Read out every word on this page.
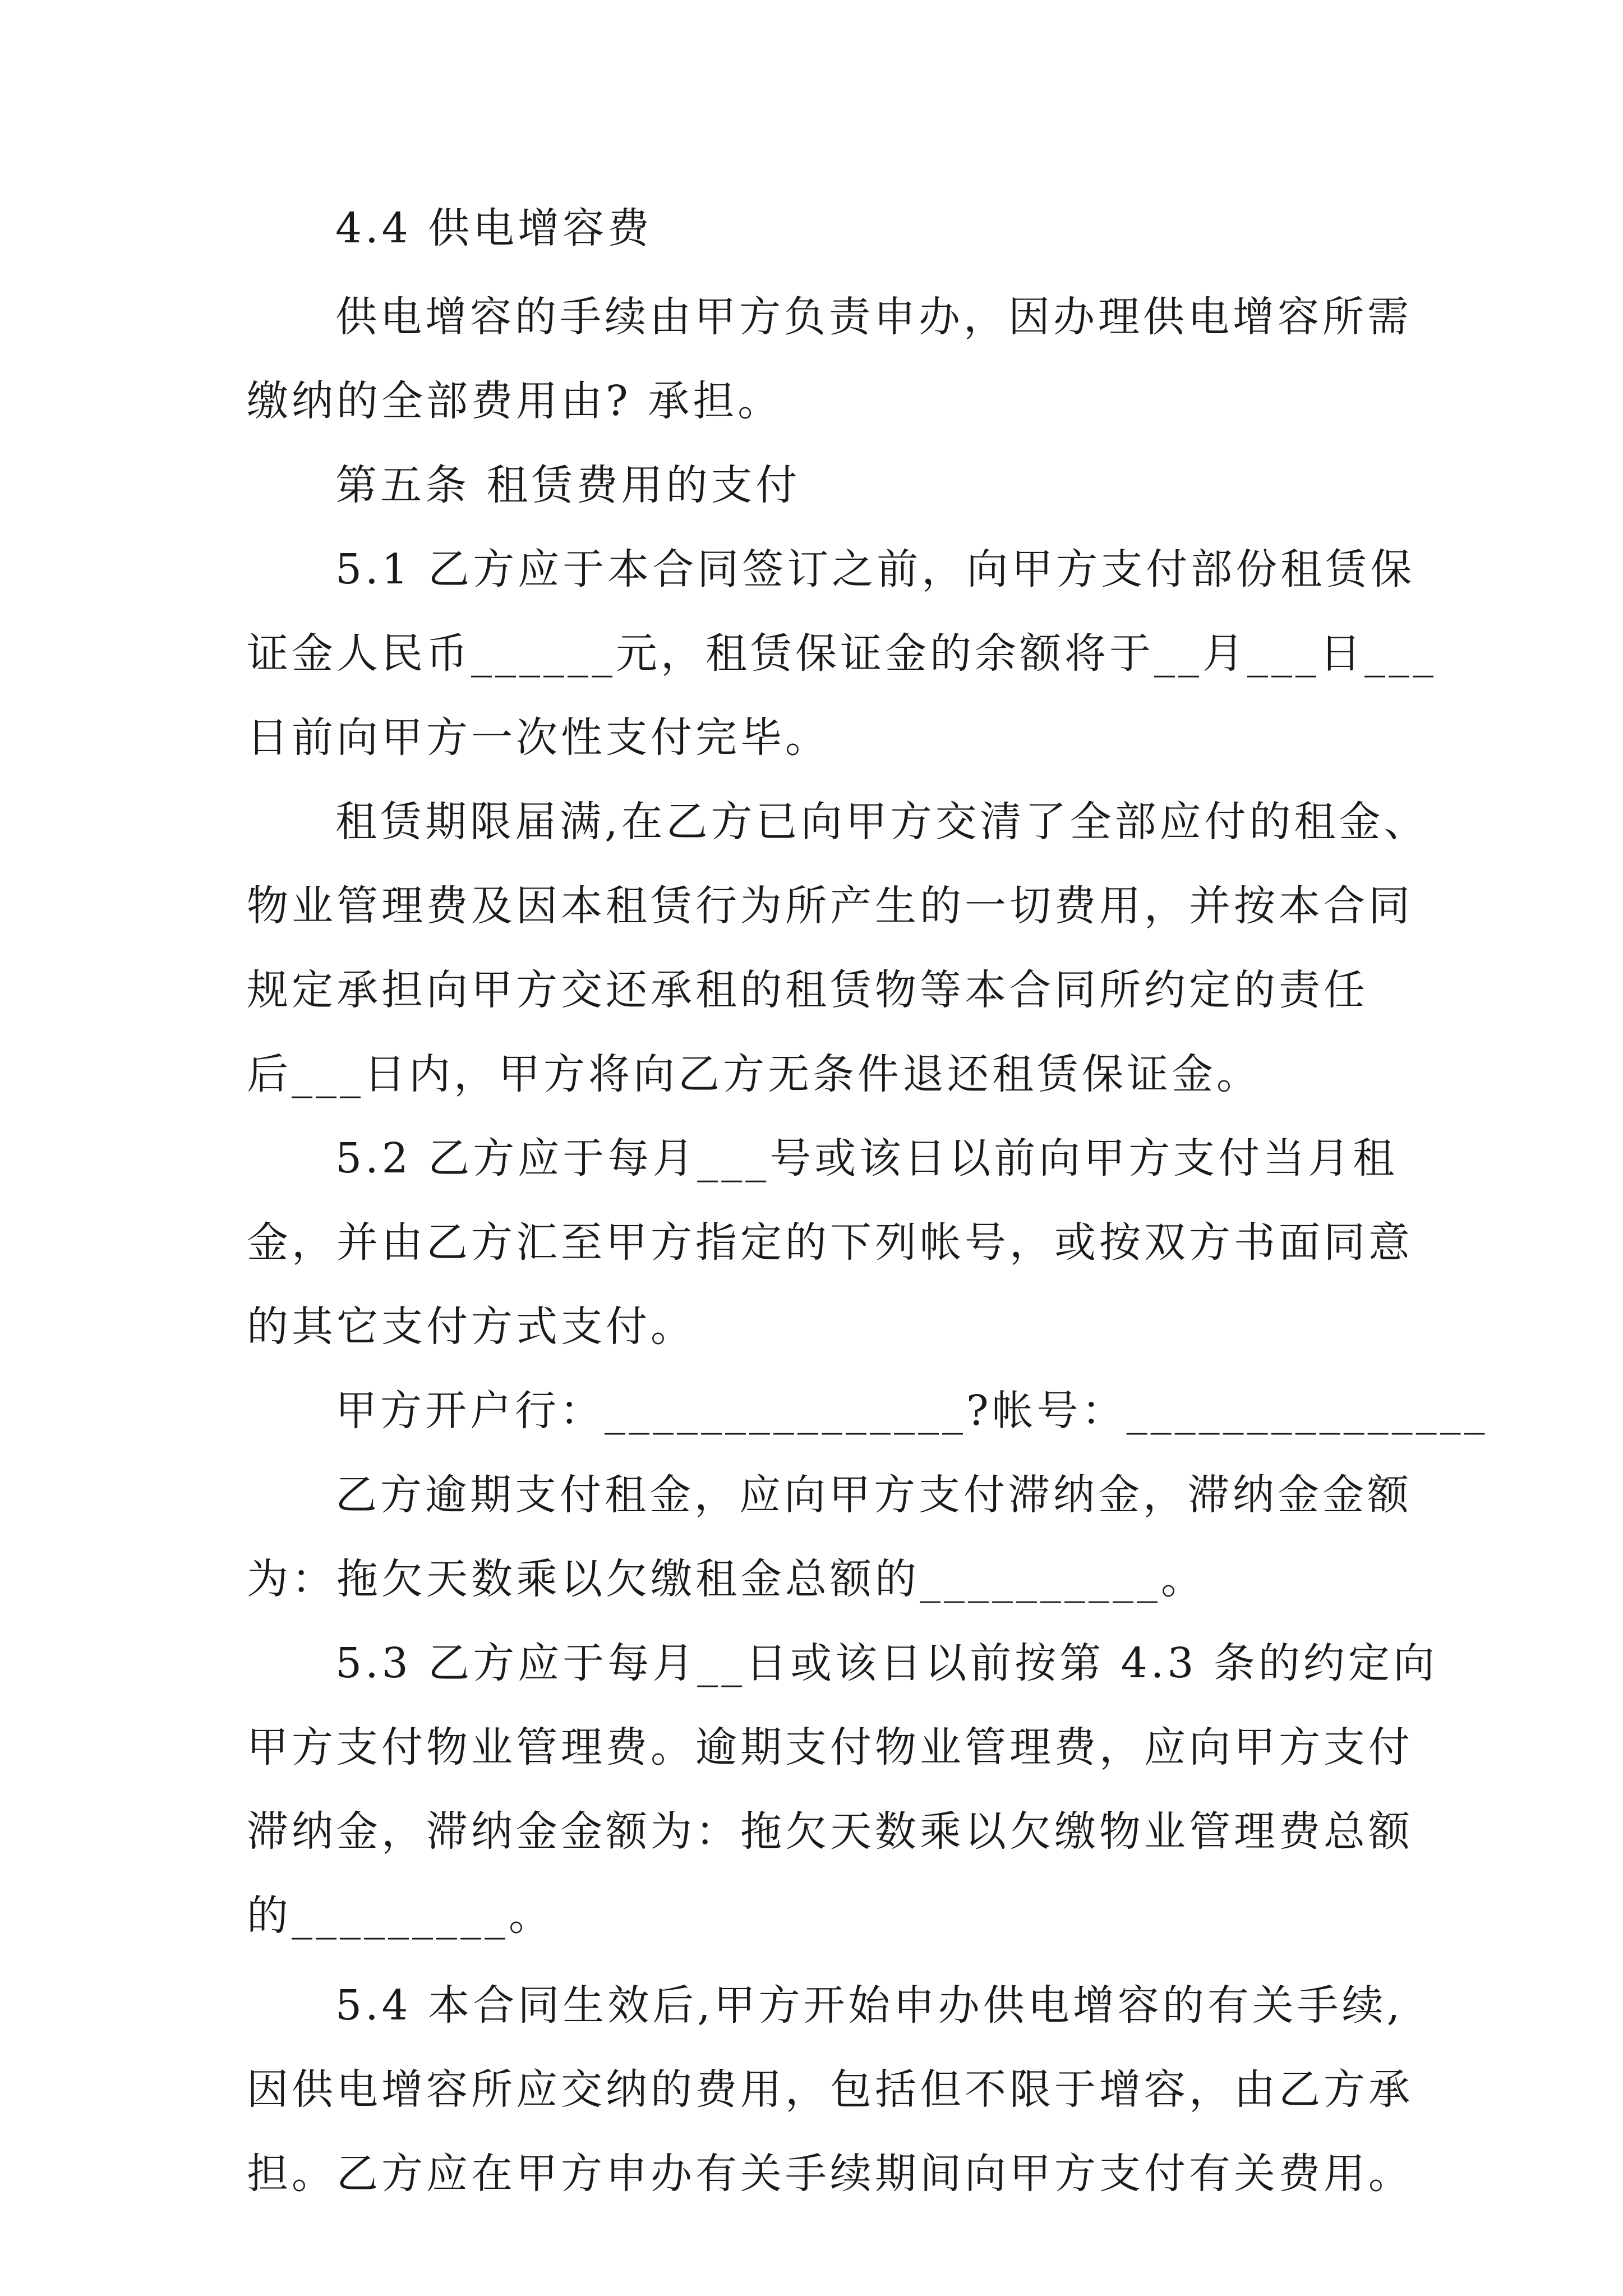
4.4 供电增容费
供电增容的手续由甲方负责申办，因办理供电增容所需
缴纳的全部费用由? 承担。
第五条 租赁费用的支付
5.1 乙方应于本合同签订之前，向甲方支付部份租赁保
证金人民币______元，租赁保证金的余额将于__月___日___
日前向甲方一次性支付完毕。
租赁期限届满,在乙方已向甲方交清了全部应付的租金、
物业管理费及因本租赁行为所产生的一切费用，并按本合同
规定承担向甲方交还承租的租赁物等本合同所约定的责任
后___日内，甲方将向乙方无条件退还租赁保证金。
5.2 乙方应于每月___号或该日以前向甲方支付当月租
金，并由乙方汇至甲方指定的下列帐号，或按双方书面同意
的其它支付方式支付。
甲方开户行：_______________?帐号：_______________
乙方逾期支付租金，应向甲方支付滞纳金，滞纳金金额
为：拖欠天数乘以欠缴租金总额的__________。
5.3 乙方应于每月__日或该日以前按第 4.3 条的约定向
甲方支付物业管理费。逾期支付物业管理费，应向甲方支付
滞纳金，滞纳金金额为：拖欠天数乘以欠缴物业管理费总额
的_________。
5.4 本合同生效后,甲方开始申办供电增容的有关手续,
因供电增容所应交纳的费用，包括但不限于增容，由乙方承
担。乙方应在甲方申办有关手续期间向甲方支付有关费用。
